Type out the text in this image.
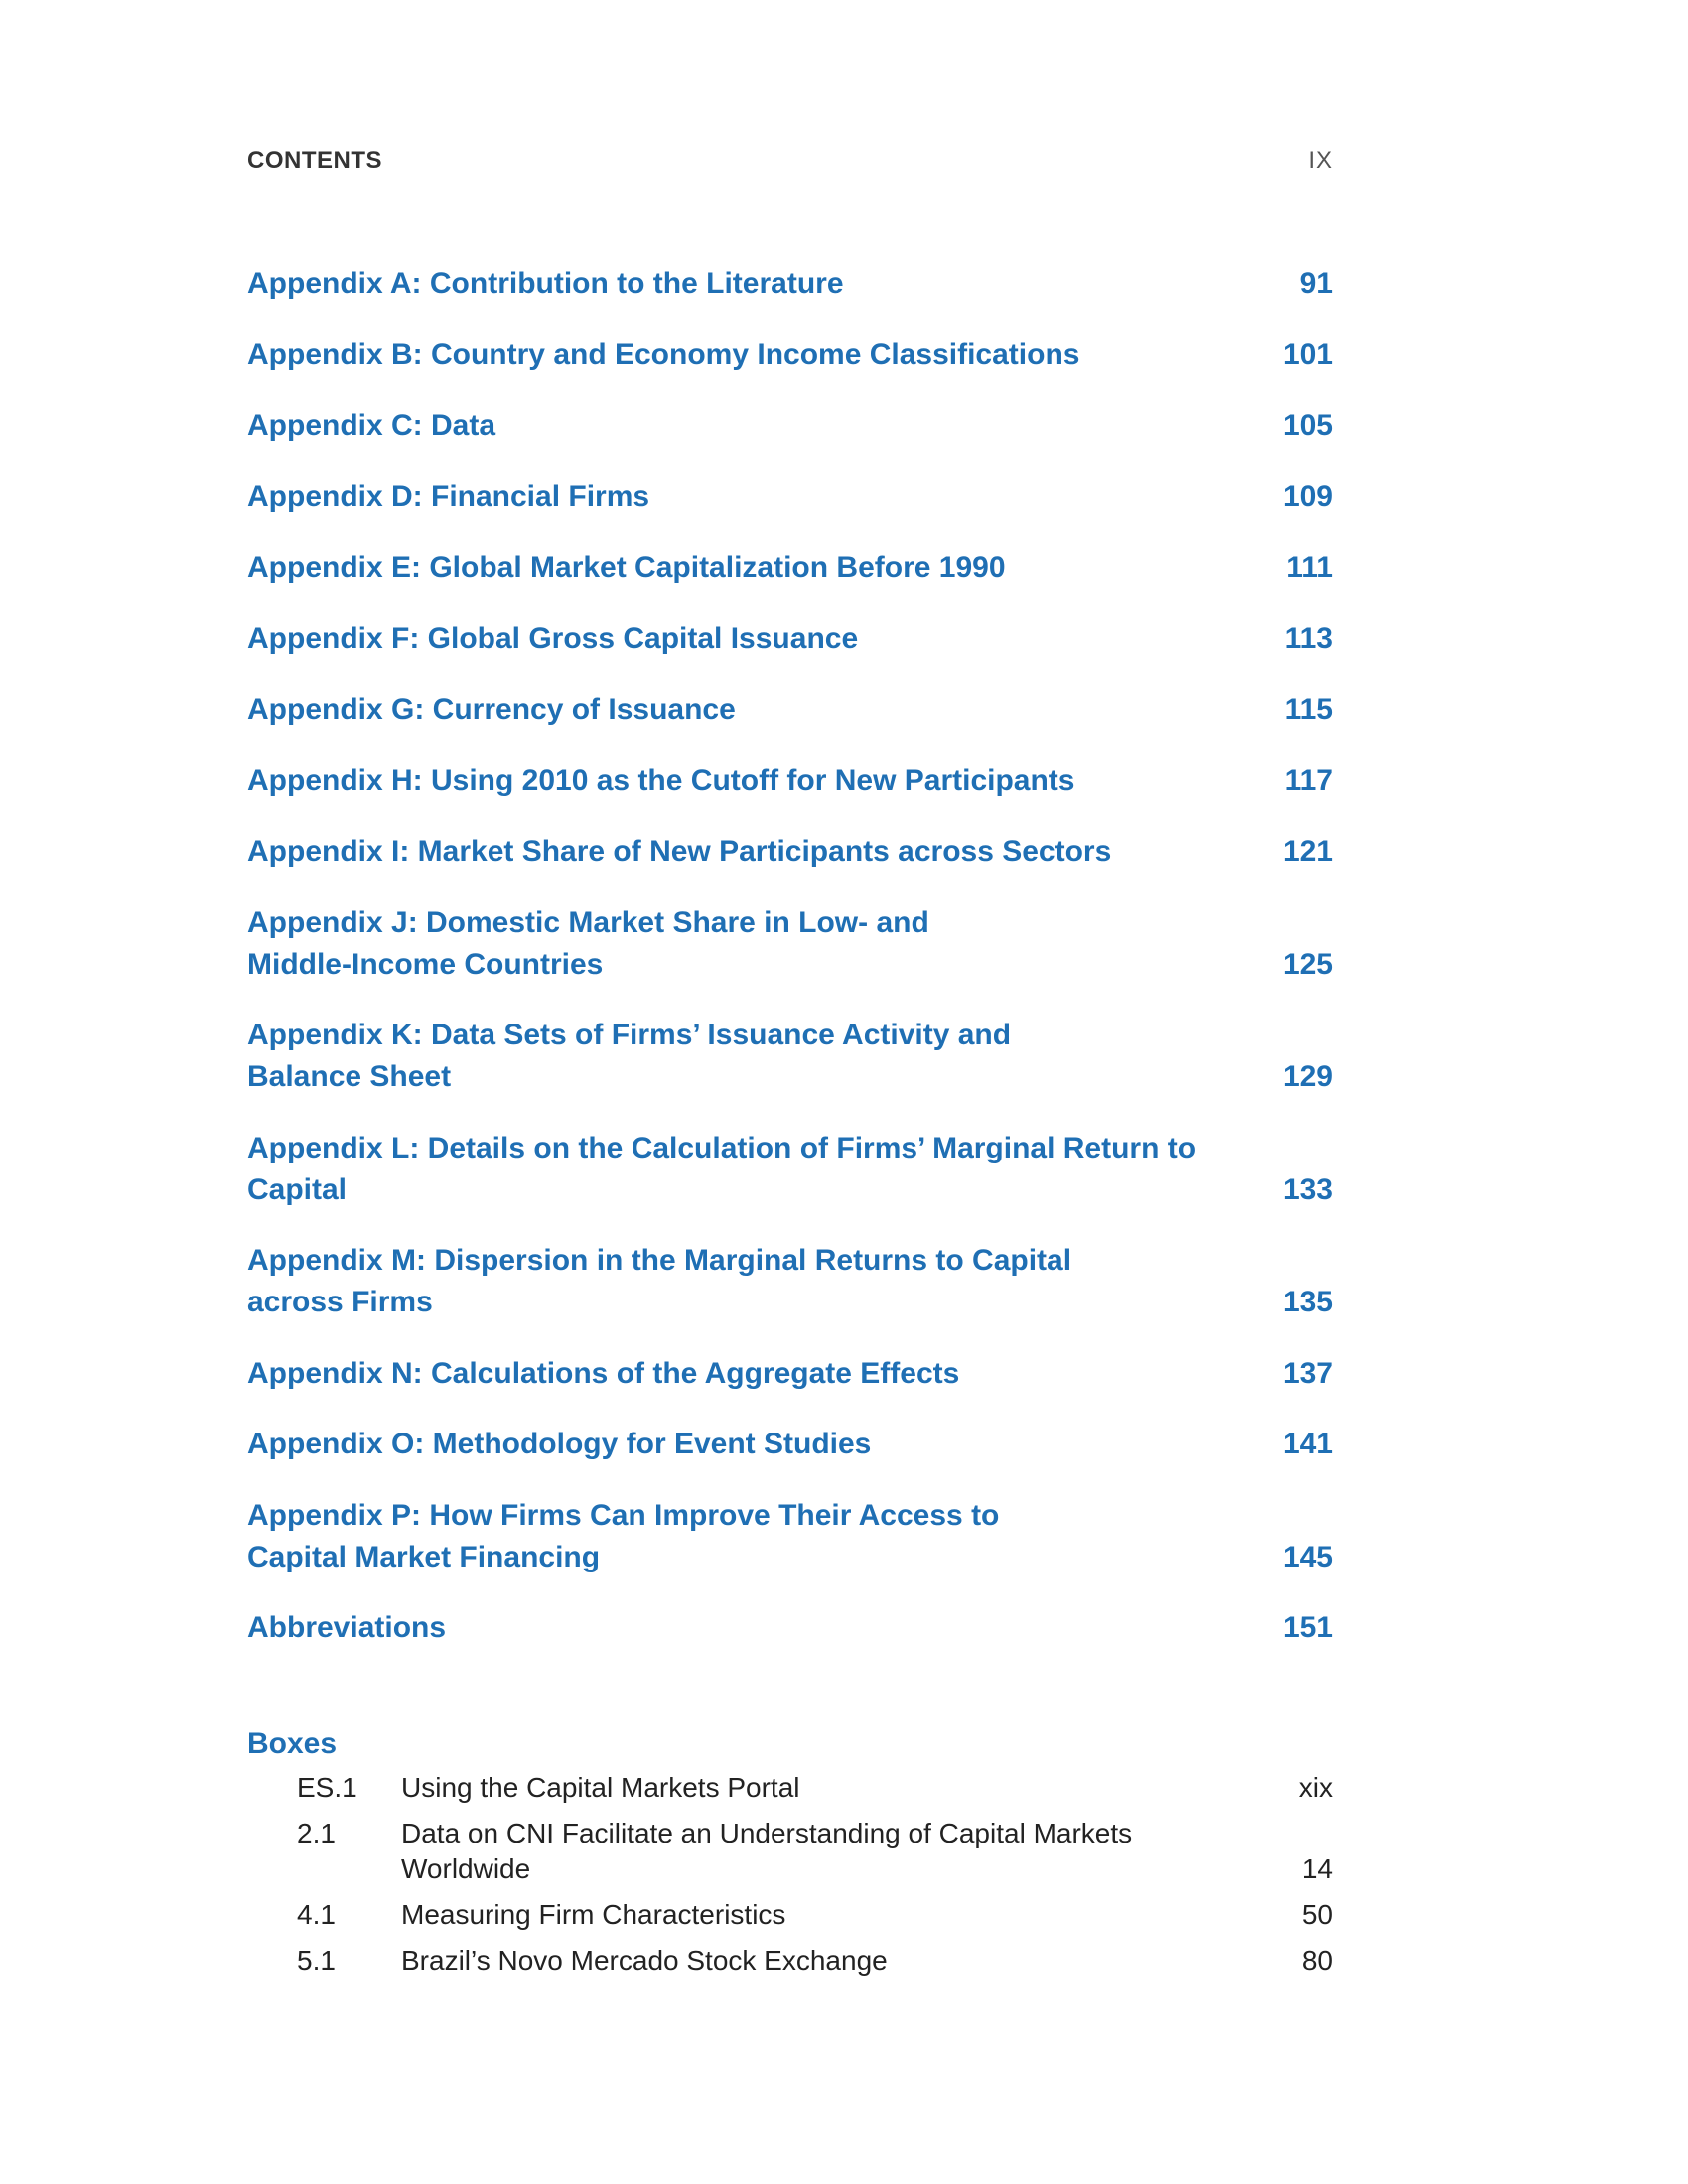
CONTENTS	IX
Appendix A: Contribution to the Literature	91
Appendix B: Country and Economy Income Classifications	101
Appendix C: Data	105
Appendix D: Financial Firms	109
Appendix E: Global Market Capitalization Before 1990	111
Appendix F: Global Gross Capital Issuance	113
Appendix G: Currency of Issuance	115
Appendix H: Using 2010 as the Cutoff for New Participants	117
Appendix I: Market Share of New Participants across Sectors	121
Appendix J: Domestic Market Share in Low- and Middle-Income Countries	125
Appendix K: Data Sets of Firms’ Issuance Activity and Balance Sheet	129
Appendix L: Details on the Calculation of Firms’ Marginal Return to Capital	133
Appendix M: Dispersion in the Marginal Returns to Capital across Firms	135
Appendix N: Calculations of the Aggregate Effects	137
Appendix O: Methodology for Event Studies	141
Appendix P: How Firms Can Improve Their Access to Capital Market Financing	145
Abbreviations	151
Boxes
ES.1	Using the Capital Markets Portal	xix
2.1	Data on CNI Facilitate an Understanding of Capital Markets Worldwide	14
4.1	Measuring Firm Characteristics	50
5.1	Brazil’s Novo Mercado Stock Exchange	80
